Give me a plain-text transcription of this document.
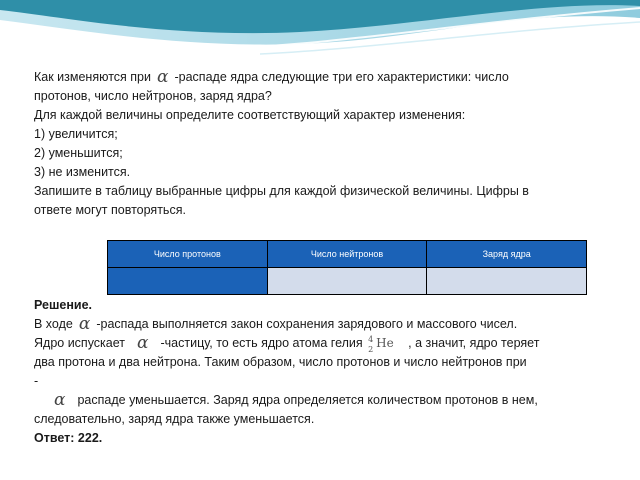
Как изменяются при α -распаде ядра следующие три его характеристики: число
протонов, число нейтронов, заряд ядра?
Для каждой величины определите соответствующий характер изменения:
1) увеличится;
2) уменьшится;
3) не изменится.
Запишите в таблицу выбранные цифры для каждой физической величины. Цифры в
ответе могут повторяться.
Число протонов	Число нейтронов	Заряд ядра

Решение.
В ходе α -распада выполняется закон сохранения зарядового и массового чисел.
Ядро испускает α -частицу, то есть ядро атома гелия 4
2 He , а значит, ядро теряет
два протона и два нейтрона. Таким образом, число протонов и число нейтронов при
-
α распаде уменьшается. Заряд ядра определяется количеством протонов в нем,
следовательно, заряд ядра также уменьшается.
Ответ: 222.
